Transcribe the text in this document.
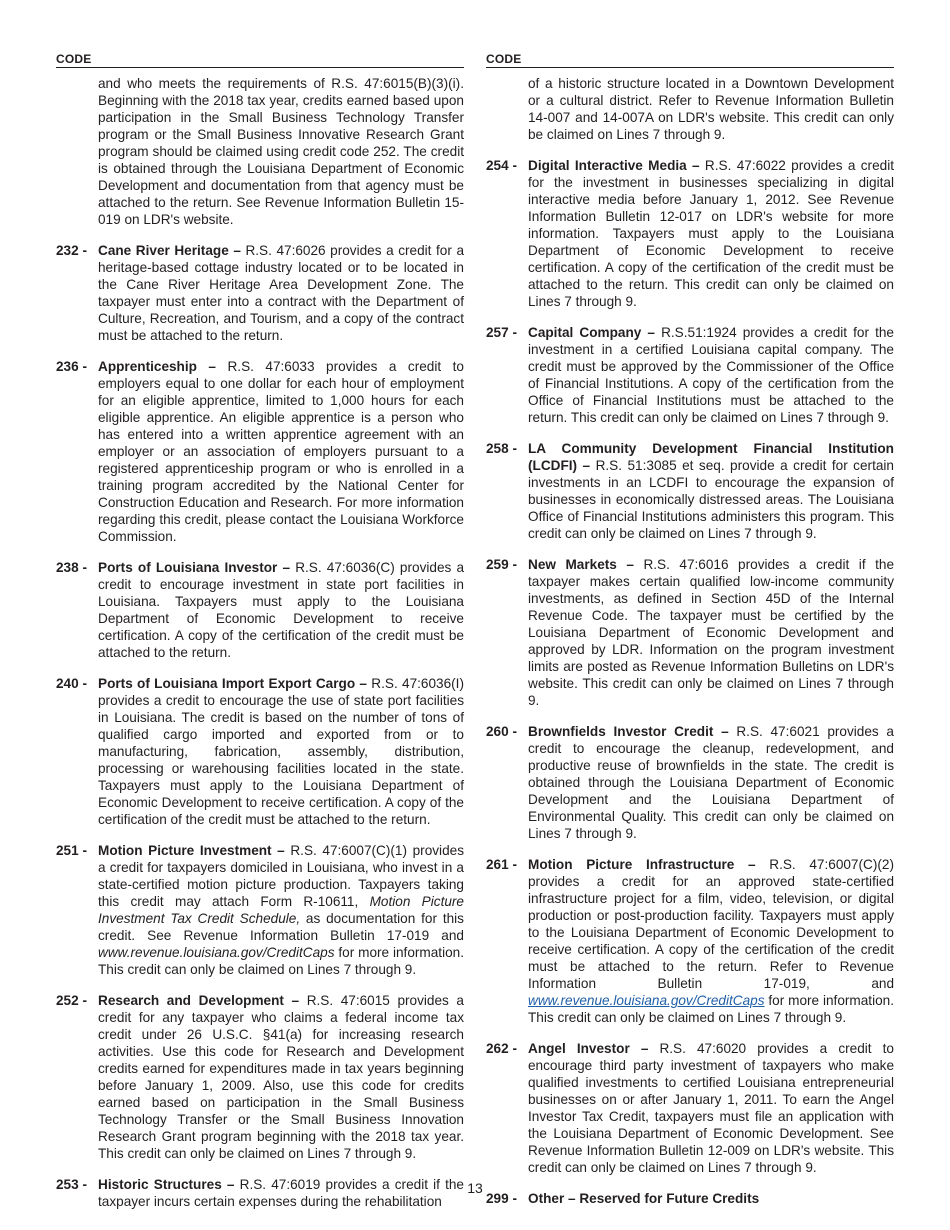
CODE
and who meets the requirements of R.S. 47:6015(B)(3)(i). Beginning with the 2018 tax year, credits earned based upon participation in the Small Business Technology Transfer program or the Small Business Innovative Research Grant program should be claimed using credit code 252. The credit is obtained through the Louisiana Department of Economic Development and documentation from that agency must be attached to the return. See Revenue Information Bulletin 15-019 on LDR's website.
232 - Cane River Heritage – R.S. 47:6026 provides a credit for a heritage-based cottage industry located or to be located in the Cane River Heritage Area Development Zone. The taxpayer must enter into a contract with the Department of Culture, Recreation, and Tourism, and a copy of the contract must be attached to the return.
236 - Apprenticeship – R.S. 47:6033 provides a credit to employers equal to one dollar for each hour of employment for an eligible apprentice, limited to 1,000 hours for each eligible apprentice. An eligible apprentice is a person who has entered into a written apprentice agreement with an employer or an association of employers pursuant to a registered apprenticeship program or who is enrolled in a training program accredited by the National Center for Construction Education and Research. For more information regarding this credit, please contact the Louisiana Workforce Commission.
238 - Ports of Louisiana Investor – R.S. 47:6036(C) provides a credit to encourage investment in state port facilities in Louisiana. Taxpayers must apply to the Louisiana Department of Economic Development to receive certification. A copy of the certification of the credit must be attached to the return.
240 - Ports of Louisiana Import Export Cargo – R.S. 47:6036(I) provides a credit to encourage the use of state port facilities in Louisiana. The credit is based on the number of tons of qualified cargo imported and exported from or to manufacturing, fabrication, assembly, distribution, processing or warehousing facilities located in the state. Taxpayers must apply to the Louisiana Department of Economic Development to receive certification. A copy of the certification of the credit must be attached to the return.
251 - Motion Picture Investment – R.S. 47:6007(C)(1) provides a credit for taxpayers domiciled in Louisiana, who invest in a state-certified motion picture production. Taxpayers taking this credit may attach Form R-10611, Motion Picture Investment Tax Credit Schedule, as documentation for this credit. See Revenue Information Bulletin 17-019 and www.revenue.louisiana.gov/CreditCaps for more information. This credit can only be claimed on Lines 7 through 9.
252 - Research and Development – R.S. 47:6015 provides a credit for any taxpayer who claims a federal income tax credit under 26 U.S.C. §41(a) for increasing research activities. Use this code for Research and Development credits earned for expenditures made in tax years beginning before January 1, 2009. Also, use this code for credits earned based on participation in the Small Business Technology Transfer or the Small Business Innovation Research Grant program beginning with the 2018 tax year. This credit can only be claimed on Lines 7 through 9.
253 - Historic Structures – R.S. 47:6019 provides a credit if the taxpayer incurs certain expenses during the rehabilitation
CODE
of a historic structure located in a Downtown Development or a cultural district. Refer to Revenue Information Bulletin 14-007 and 14-007A on LDR's website. This credit can only be claimed on Lines 7 through 9.
254 - Digital Interactive Media – R.S. 47:6022 provides a credit for the investment in businesses specializing in digital interactive media before January 1, 2012. See Revenue Information Bulletin 12-017 on LDR's website for more information. Taxpayers must apply to the Louisiana Department of Economic Development to receive certification. A copy of the certification of the credit must be attached to the return. This credit can only be claimed on Lines 7 through 9.
257 - Capital Company – R.S.51:1924 provides a credit for the investment in a certified Louisiana capital company. The credit must be approved by the Commissioner of the Office of Financial Institutions. A copy of the certification from the Office of Financial Institutions must be attached to the return. This credit can only be claimed on Lines 7 through 9.
258 - LA Community Development Financial Institution (LCDFI) – R.S. 51:3085 et seq. provide a credit for certain investments in an LCDFI to encourage the expansion of businesses in economically distressed areas. The Louisiana Office of Financial Institutions administers this program. This credit can only be claimed on Lines 7 through 9.
259 - New Markets – R.S. 47:6016 provides a credit if the taxpayer makes certain qualified low-income community investments, as defined in Section 45D of the Internal Revenue Code. The taxpayer must be certified by the Louisiana Department of Economic Development and approved by LDR. Information on the program investment limits are posted as Revenue Information Bulletins on LDR's website. This credit can only be claimed on Lines 7 through 9.
260 - Brownfields Investor Credit – R.S. 47:6021 provides a credit to encourage the cleanup, redevelopment, and productive reuse of brownfields in the state. The credit is obtained through the Louisiana Department of Economic Development and the Louisiana Department of Environmental Quality. This credit can only be claimed on Lines 7 through 9.
261 - Motion Picture Infrastructure – R.S. 47:6007(C)(2) provides a credit for an approved state-certified infrastructure project for a film, video, television, or digital production or post-production facility. Taxpayers must apply to the Louisiana Department of Economic Development to receive certification. A copy of the certification of the credit must be attached to the return. Refer to Revenue Information Bulletin 17-019, and www.revenue.louisiana.gov/CreditCaps for more information. This credit can only be claimed on Lines 7 through 9.
262 - Angel Investor – R.S. 47:6020 provides a credit to encourage third party investment of taxpayers who make qualified investments to certified Louisiana entrepreneurial businesses on or after January 1, 2011. To earn the Angel Investor Tax Credit, taxpayers must file an application with the Louisiana Department of Economic Development. See Revenue Information Bulletin 12-009 on LDR's website. This credit can only be claimed on Lines 7 through 9.
299 - Other – Reserved for Future Credits
13
